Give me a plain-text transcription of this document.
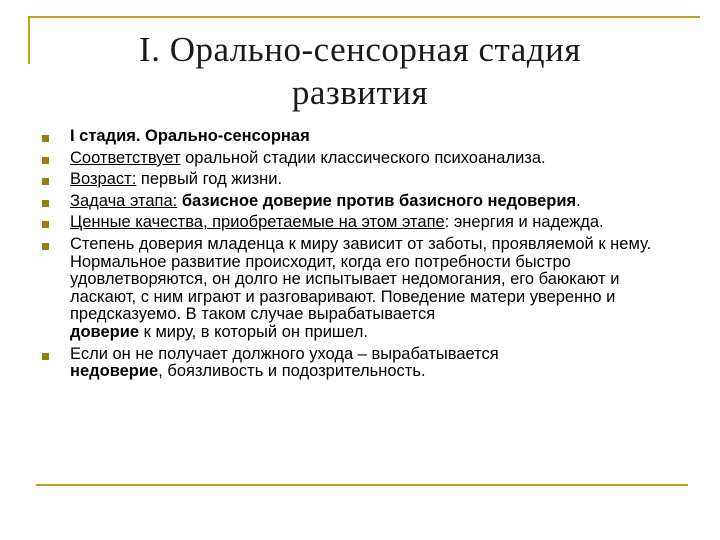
I. Орально-сенсорная стадия
развития
I стадия. Орально-сенсорная
Соответствует оральной стадии классического психоанализа.
Возраст: первый год жизни.
Задача этапа: базисное доверие против базисного недоверия.
Ценные качества, приобретаемые на этом этапе: энергия и надежда.
Степень доверия младенца к миру зависит от заботы, проявляемой к нему. Нормальное развитие происходит, когда его потребности быстро удовлетворяются, он долго не испытывает недомогания, его баюкают и ласкают, с ним играют и разговаривают. Поведение матери уверенно и предсказуемо. В таком случае вырабатывается
доверие к миру, в который он пришел.
Если он не получает должного ухода – вырабатывается
недоверие, боязливость и подозрительность.
